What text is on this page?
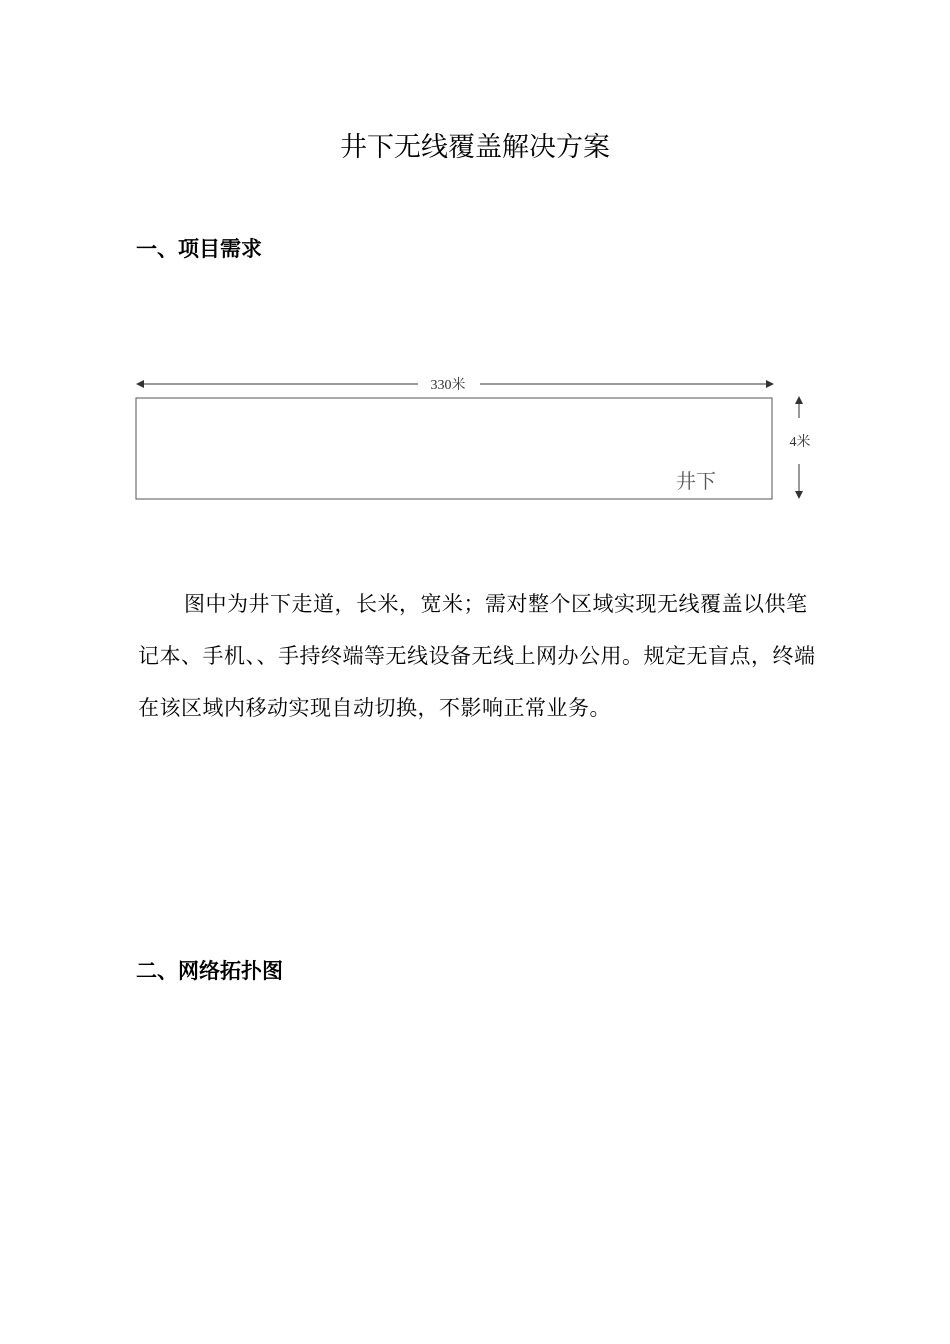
井下无线覆盖解决方案
一、项目需求
330米
井下
4米

图中为井下走道，长米，宽米；需对整个区域实现无线覆盖以供笔记本、手机、、手持终端等无线设备无线上网办公用。规定无盲点，终端在该区域内移动实现自动切换，不影响正常业务。

二、网络拓扑图
